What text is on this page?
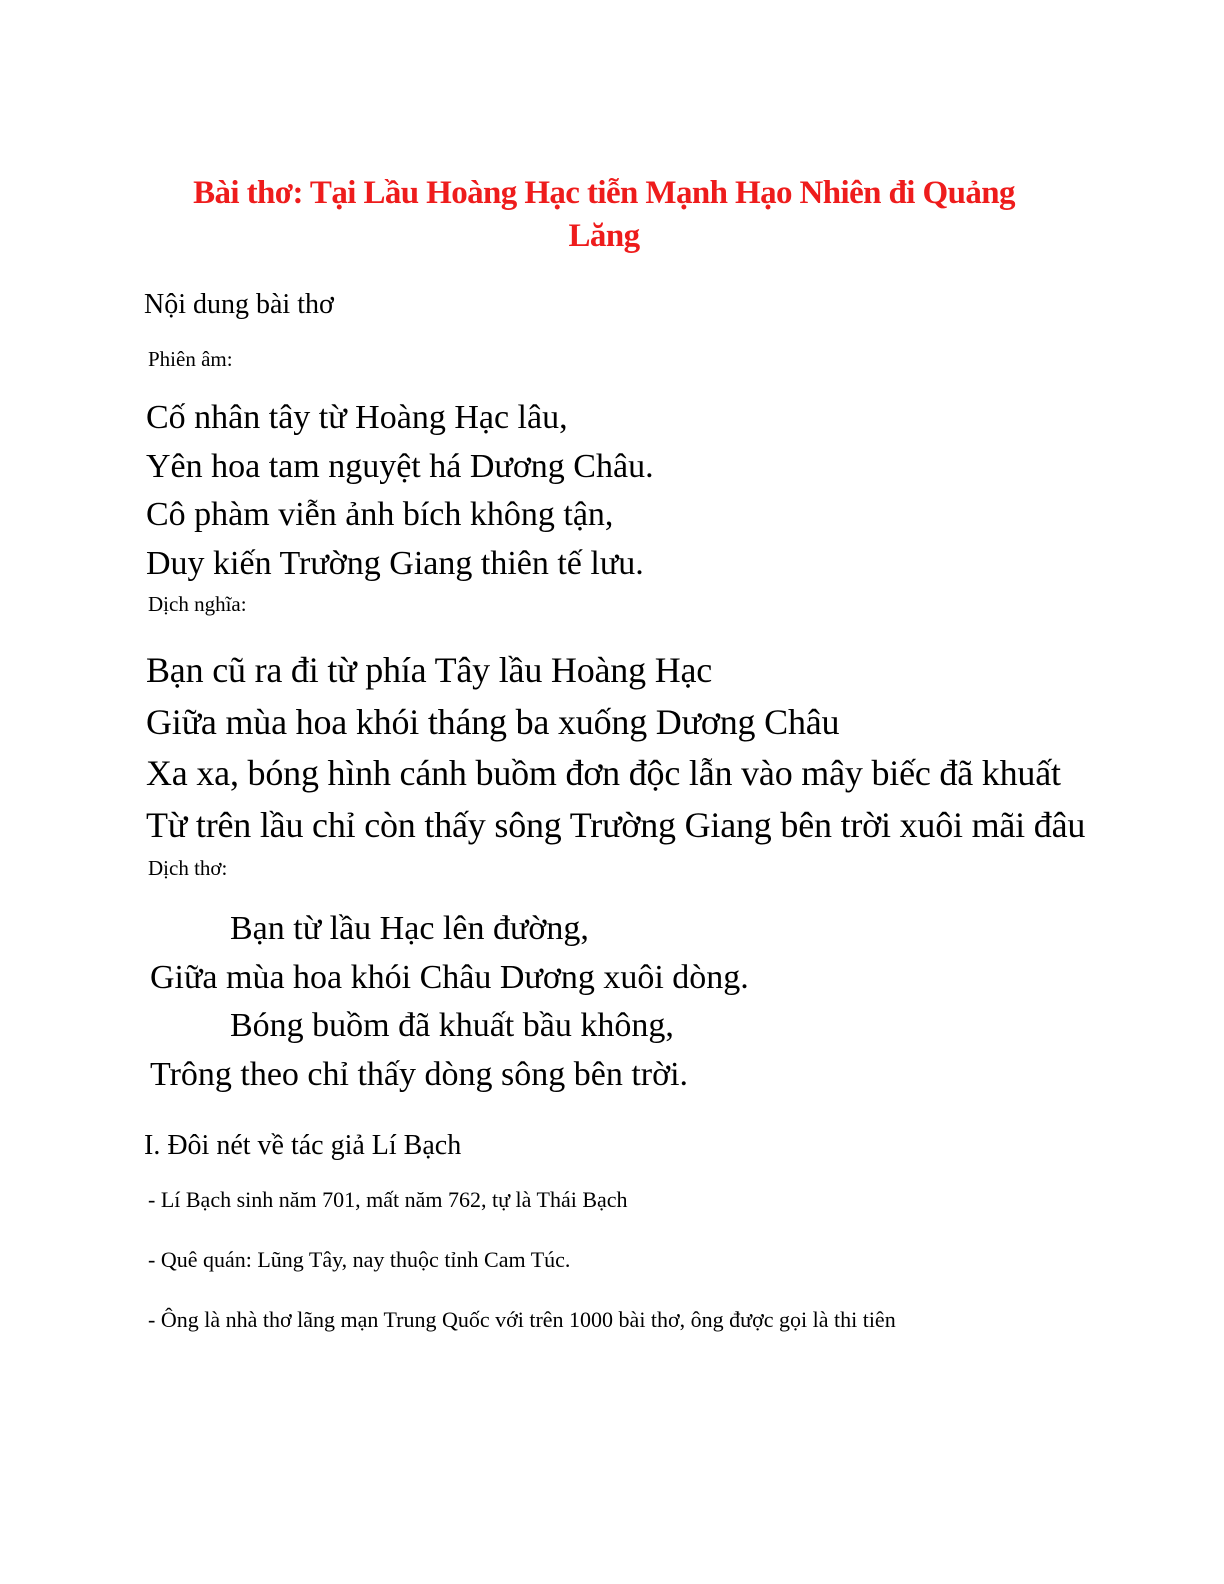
Bài thơ: Tại Lầu Hoàng Hạc tiễn Mạnh Hạo Nhiên đi Quảng
Lăng
Nội dung bài thơ
Phiên âm:
Cố nhân tây từ Hoàng Hạc lâu,
Yên hoa tam nguyệt há Dương Châu.
Cô phàm viễn ảnh bích không tận,
Duy kiến Trường Giang thiên tế lưu.
Dịch nghĩa:
Bạn cũ ra đi từ phía Tây lầu Hoàng Hạc
Giữa mùa hoa khói tháng ba xuống Dương Châu
Xa xa, bóng hình cánh buồm đơn độc lẫn vào mây biếc đã khuất
Từ trên lầu chỉ còn thấy sông Trường Giang bên trời xuôi mãi đâu
Dịch thơ:
Bạn từ lầu Hạc lên đường,
Giữa mùa hoa khói Châu Dương xuôi dòng.
Bóng buồm đã khuất bầu không,
Trông theo chỉ thấy dòng sông bên trời.
I. Đôi nét về tác giả Lí Bạch
- Lí Bạch sinh năm 701, mất năm 762, tự là Thái Bạch
- Quê quán: Lũng Tây, nay thuộc tỉnh Cam Túc.
- Ông là nhà thơ lãng mạn Trung Quốc với trên 1000 bài thơ, ông được gọi là thi tiên
